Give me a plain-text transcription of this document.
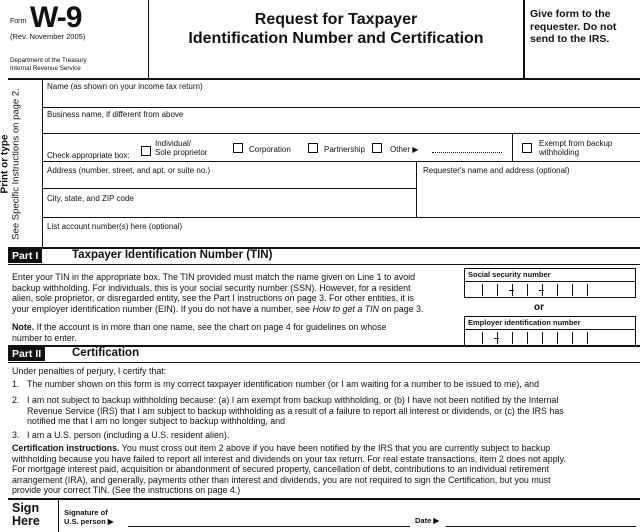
Form W-9
(Rev. November 2005)
Department of the Treasury
Internal Revenue Service
Request for Taxpayer
Identification Number and Certification
Give form to the
requester. Do not
send to the IRS.
Print or type
See Specific Instructions on page 2.
Name (as shown on your income tax return)
Business name, if different from above
Check appropriate box:
Individual/
Sole proprietor	Corporation	Partnership	Other ▶
Exempt from backup
withholding
Address (number, street, and apt. or suite no.)	Requester's name and address (optional)
City, state, and ZIP code
List account number(s) here (optional)
Part I	Taxpayer Identification Number (TIN)
Enter your TIN in the appropriate box. The TIN provided must match the name given on Line 1 to avoid
backup withholding. For individuals, this is your social security number (SSN). However, for a resident
alien, sole proprietor, or disregarded entity, see the Part I instructions on page 3. For other entities, it is
your employer identification number (EIN). If you do not have a number, see How to get a TIN on page 3.
Note. If the account is in more than one name, see the chart on page 4 for guidelines on whose
number to enter.
Social security number
or
Employer identification number
Part II	Certification
Under penalties of perjury, I certify that:
1. The number shown on this form is my correct taxpayer identification number (or I am waiting for a number to be issued to me), and
2. I am not subject to backup withholding because: (a) I am exempt from backup withholding, or (b) I have not been notified by the Internal
Revenue Service (IRS) that I am subject to backup withholding as a result of a failure to report all interest or dividends, or (c) the IRS has
notified me that I am no longer subject to backup withholding, and
3. I am a U.S. person (including a U.S. resident alien).
Certification instructions. You must cross out item 2 above if you have been notified by the IRS that you are currently subject to backup
withholding because you have failed to report all interest and dividends on your tax return. For real estate transactions, item 2 does not apply.
For mortgage interest paid, acquisition or abandonment of secured property, cancellation of debt, contributions to an individual retirement
arrangement (IRA), and generally, payments other than interest and dividends, you are not required to sign the Certification, but you must
provide your correct TIN. (See the instructions on page 4.)
Sign
Here
Signature of
U.S. person ▶	Date ▶
